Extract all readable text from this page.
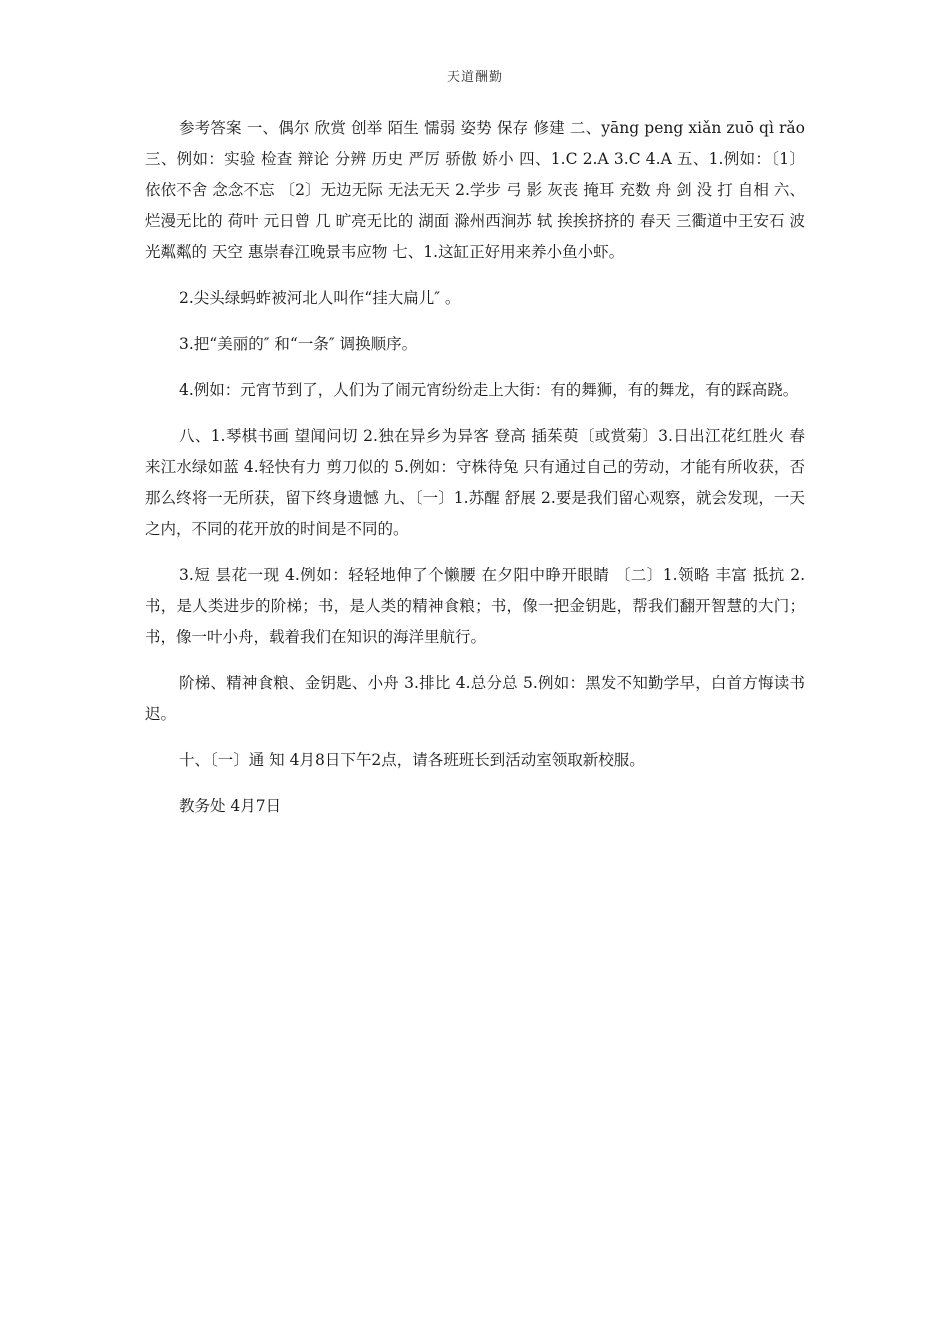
天道酬勤

参考答案 一、偶尔 欣赏 创举 陌生 懦弱 姿势 保存 修建 二、yāng peng xiǎn zuō qì rǎo 三、例如：实验 检查 辩论 分辨 历史 严厉 骄傲 娇小 四、1.C 2.A 3.C 4.A 五、1.例如：〔1〕依依不舍 念念不忘 〔2〕无边无际 无法无天 2.学步 弓 影 灰丧 掩耳 充数 舟 剑 没 打 自相 六、烂漫无比的 荷叶 元日曾 几 旷亮无比的 湖面 滁州西涧苏 轼 挨挨挤挤的 春天 三衢道中王安石 波光粼粼的 天空 惠崇春江晚景韦应物 七、1.这缸正好用来养小鱼小虾。

2.尖头绿蚂蚱被河北人叫作“挂大扁儿″ 。

3.把“美丽的″ 和“一条″ 调换顺序。

4.例如：元宵节到了，人们为了闹元宵纷纷走上大街：有的舞狮，有的舞龙，有的踩高跷。

八、1.琴棋书画 望闻问切 2.独在异乡为异客 登高 插茱萸〔或赏菊〕3.日出江花红胜火 春来江水绿如蓝 4.轻快有力 剪刀似的 5.例如：守株待兔 只有通过自己的劳动，才能有所收获，否那么终将一无所获，留下终身遗憾 九、〔一〕1.苏醒 舒展 2.要是我们留心观察，就会发现，一天之内，不同的花开放的时间是不同的。

3.短 昙花一现 4.例如：轻轻地伸了个懒腰 在夕阳中睁开眼睛 〔二〕1.领略 丰富 抵抗 2.书，是人类进步的阶梯；书，是人类的精神食粮；书，像一把金钥匙，帮我们翻开智慧的大门；书，像一叶小舟，载着我们在知识的海洋里航行。

阶梯、精神食粮、金钥匙、小舟 3.排比 4.总分总 5.例如：黑发不知勤学早，白首方悔读书迟。

十、〔一〕通 知 4月8日下午2点，请各班班长到活动室领取新校服。

教务处 4月7日
